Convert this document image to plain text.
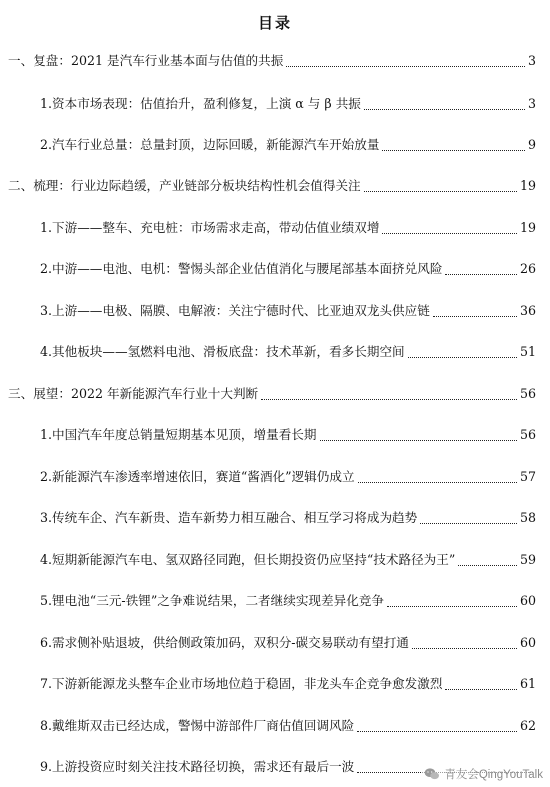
目录
一、复盘：2021 是汽车行业基本面与估值的共振	3
1.资本市场表现：估值抬升，盈利修复，上演 α 与 β 共振	3
2.汽车行业总量：总量封顶，边际回暖，新能源汽车开始放量	9
二、梳理：行业边际趋缓，产业链部分板块结构性机会值得关注	19
1.下游——整车、充电桩：市场需求走高，带动估值业绩双增	19
2.中游——电池、电机：警惕头部企业估值消化与腰尾部基本面挤兑风险	26
3.上游——电极、隔膜、电解液：关注宁德时代、比亚迪双龙头供应链	36
4.其他板块——氢燃料电池、滑板底盘：技术革新，看多长期空间	51
三、展望：2022 年新能源汽车行业十大判断	56
1.中国汽车年度总销量短期基本见顶，增量看长期	56
2.新能源汽车渗透率增速依旧，赛道“酱酒化”逻辑仍成立	57
3.传统车企、汽车新贵、造车新势力相互融合、相互学习将成为趋势	58
4.短期新能源汽车电、氢双路径同跑，但长期投资仍应坚持“技术路径为王”	59
5.锂电池“三元-铁锂”之争难说结果，二者继续实现差异化竞争	60
6.需求侧补贴退坡，供给侧政策加码，双积分-碳交易联动有望打通	60
7.下游新能源龙头整车企业市场地位趋于稳固，非龙头车企竞争愈发激烈	61
8.戴维斯双击已经达成，警惕中游部件厂商估值回调风险	62
9.上游投资应时刻关注技术路径切换，需求还有最后一波
青友会QingYouTalk
